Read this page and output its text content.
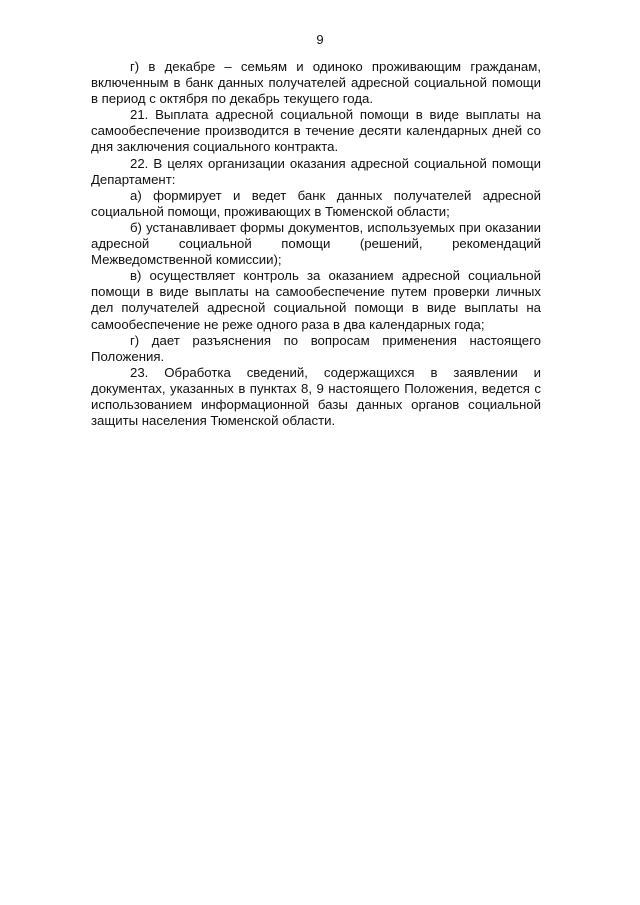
9

г) в декабре – семьям и одиноко проживающим гражданам, включенным в банк данных получателей адресной социальной помощи в период с октября по декабрь текущего года.

21. Выплата адресной социальной помощи в виде выплаты на самообеспечение производится в течение десяти календарных дней со дня заключения социального контракта.

22. В целях организации оказания адресной социальной помощи Департамент:

а) формирует и ведет банк данных получателей адресной социальной помощи, проживающих в Тюменской области;

б) устанавливает формы документов, используемых при оказании адресной социальной помощи (решений, рекомендаций Межведомственной комиссии);

в) осуществляет контроль за оказанием адресной социальной помощи в виде выплаты на самообеспечение путем проверки личных дел получателей адресной социальной помощи в виде выплаты на самообеспечение не реже одного раза в два календарных года;

г) дает разъяснения по вопросам применения настоящего Положения.

23. Обработка сведений, содержащихся в заявлении и документах, указанных в пунктах 8, 9 настоящего Положения, ведется с использованием информационной базы данных органов социальной защиты населения Тюменской области.
